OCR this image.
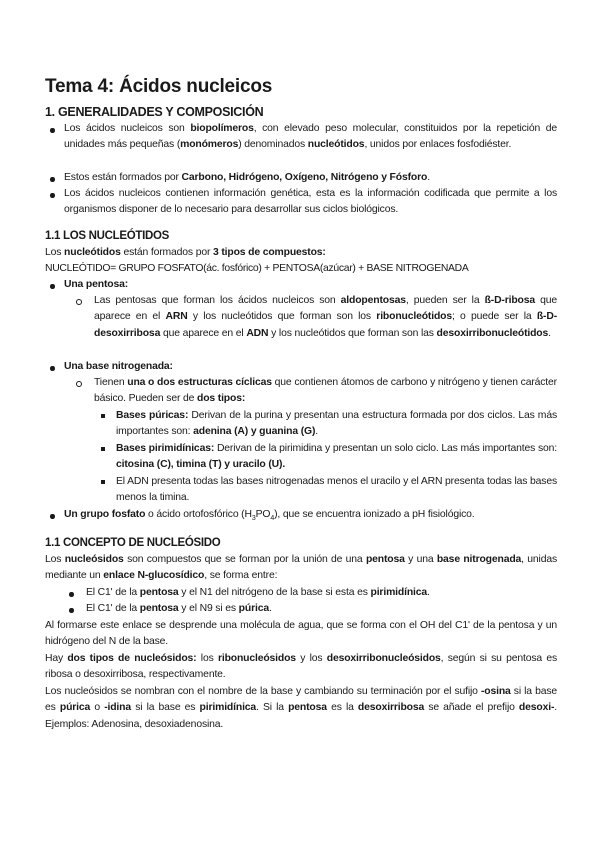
Tema 4: Ácidos nucleicos
1. GENERALIDADES Y COMPOSICIÓN

Los ácidos nucleicos son biopolímeros, con elevado peso molecular, constituidos por la repetición de unidades más pequeñas (monómeros) denominados nucleótidos, unidos por enlaces fosfodiéster.

Estos están formados por Carbono, Hidrógeno, Oxígeno, Nitrógeno y Fósforo.

Los ácidos nucleicos contienen información genética, esta es la información codificada que permite a los organismos disponer de lo necesario para desarrollar sus ciclos biológicos.

1.1 LOS NUCLEÓTIDOS

Los nucleótidos están formados por 3 tipos de compuestos:

NUCLEÓTIDO= GRUPO FOSFATO(ác. fosfórico) + PENTOSA(azúcar) + BASE NITROGENADA

Una pentosa:

Las pentosas que forman los ácidos nucleicos son aldopentosas, pueden ser la ß-D-ribosa que aparece en el ARN y los nucleótidos que forman son los ribonucleótidos; o puede ser la ß-D-desoxirribosa que aparece en el ADN y los nucleótidos que forman son las desoxirribonucleótidos.

Una base nitrogenada:

Tienen una o dos estructuras cíclicas que contienen átomos de carbono y nitrógeno y tienen carácter básico. Pueden ser de dos tipos:

Bases púricas: Derivan de la purina y presentan una estructura formada por dos ciclos. Las más importantes son: adenina (A) y guanina (G).

Bases pirimidínicas: Derivan de la pirimidina y presentan un solo ciclo. Las más importantes son: citosina (C), timina (T) y uracilo (U).

El ADN presenta todas las bases nitrogenadas menos el uracilo y el ARN presenta todas las bases menos la timina.

Un grupo fosfato o ácido ortofosfórico $(H_3PO_4)$, que se encuentra ionizado a pH fisiológico.

1.1 CONCEPTO DE NUCLEÓSIDO

Los nucleósidos son compuestos que se forman por la unión de una pentosa y una base nitrogenada, unidas mediante un enlace N-glucosídico, se forma entre:

El C1' de la pentosa y el N1 del nitrógeno de la base si esta es pirimidínica.

El C1' de la pentosa y el N9 si es púrica.

Al formarse este enlace se desprende una molécula de agua, que se forma con el OH del C1' de la pentosa y un hidrógeno del N de la base.

Hay dos tipos de nucleósidos: los ribonucleósidos y los desoxirribonucleósidos, según si su pentosa es ribosa o desoxirribosa, respectivamente.

Los nucleósidos se nombran con el nombre de la base y cambiando su terminación por el sufijo -osina si la base es púrica o -idina si la base es pirimidínica. Si la pentosa es la desoxirribosa se añade el prefijo desoxi-. Ejemplos: Adenosina, desoxiadenosina.
